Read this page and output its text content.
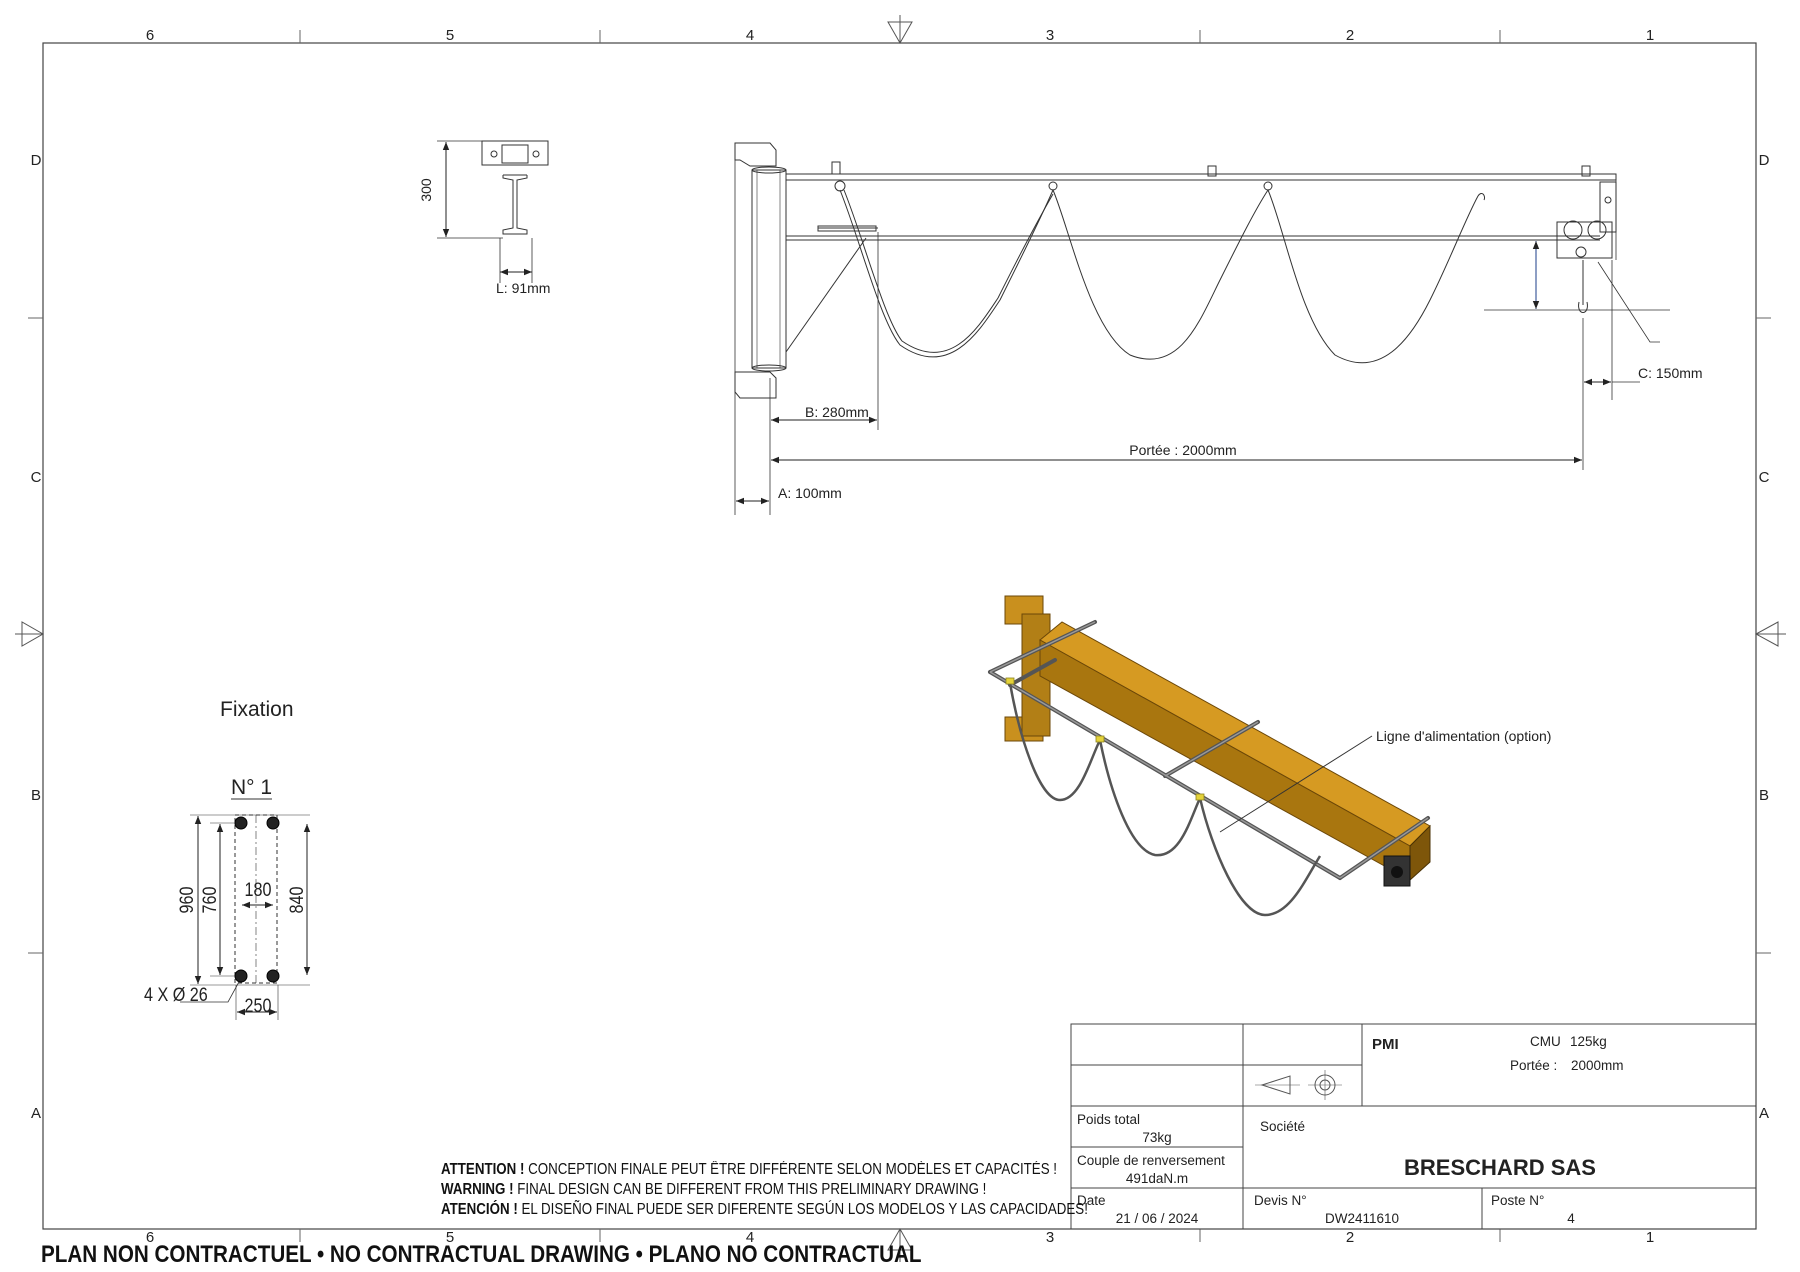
6	5	4	3	2	1
6	5	4	3	2	1
D
C
B
A
D
C
B
A
300
L: 91mm
B: 280mm
Portée : 2000mm
A: 100mm
C: 150mm
Ligne d'alimentation (option)
Fixation
N° 1
960 760 180 840
250
4 X Ø 26
PMI	CMU 125kg
Portée : 2000mm
Poids total
73kg
Couple de renversement
491daN.m
Société
BRESCHARD SAS
Date
21 / 06 / 2024
Devis N°
DW2411610
Poste N°
4
ATTENTION ! CONCEPTION FINALE PEUT ÊTRE DIFFÉRENTE SELON MODÈLES ET CAPACITÉS !
WARNING ! FINAL DESIGN CAN BE DIFFERENT FROM THIS PRELIMINARY DRAWING !
ATENCIÓN ! EL DISEÑO FINAL PUEDE SER DIFERENTE SEGÚN LOS MODELOS Y LAS CAPACIDADES!
PLAN NON CONTRACTUEL • NO CONTRACTUAL DRAWING • PLANO NO CONTRACTUAL
